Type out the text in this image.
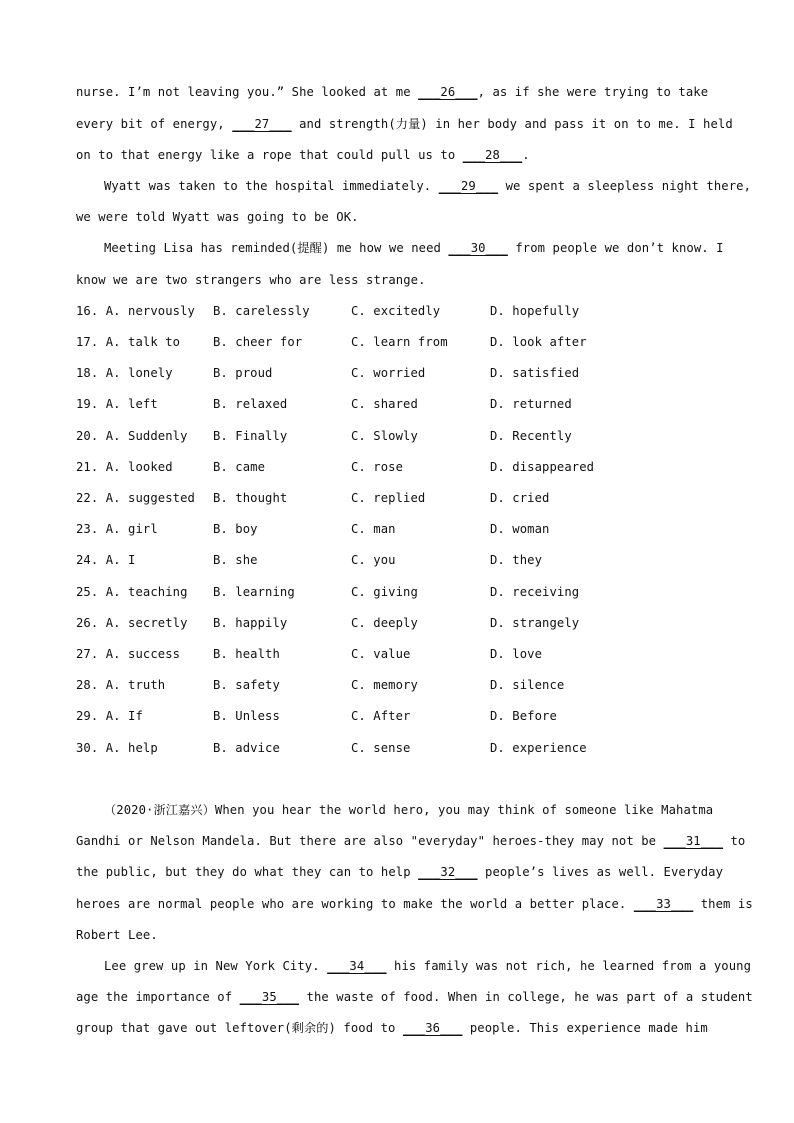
nurse. I’m not leaving you.” She looked at me ___26___, as if she were trying to take
every bit of energy, ___27___ and strength(力量) in her body and pass it on to me. I held
on to that energy like a rope that could pull us to ___28___.
Wyatt was taken to the hospital immediately. ___29___ we spent a sleepless night there,
we were told Wyatt was going to be OK.
Meeting Lisa has reminded(提醒) me how we need ___30___ from people we don’t know. I
know we are two strangers who are less strange.
16. A. nervously B. carelessly	C. excitedly	D. hopefully
17. A. talk to	B. cheer for	C. learn from	D. look after
18. A. lonely	B. proud	C. worried	D. satisfied
19. A. left	B. relaxed	C. shared	D. returned
20. A. Suddenly B. Finally	C. Slowly	D. Recently
21. A. looked	B. came	C. rose	D. disappeared
22. A. suggested B. thought	C. replied	D. cried
23. A. girl	B. boy	C. man	D. woman
24. A. I	B. she	C. you	D. they
25. A. teaching B. learning	C. giving	D. receiving
26. A. secretly B. happily	C. deeply	D. strangely
27. A. success	B. health	C. value	D. love
28. A. truth	B. safety	C. memory	D. silence
29. A. If	B. Unless	C. After	D. Before
30. A. help	B. advice	C. sense	D. experience
（2020·浙江嘉兴）When you hear the world hero, you may think of someone like Mahatma
Gandhi or Nelson Mandela. But there are also "everyday" heroes-they may not be ___31___ to
the public, but they do what they can to help ___32___ people’s lives as well. Everyday
heroes are normal people who are working to make the world a better place. ___33___ them is
Robert Lee.
Lee grew up in New York City. ___34___ his family was not rich, he learned from a young
age the importance of ___35___ the waste of food. When in college, he was part of a student
group that gave out leftover(剩余的) food to ___36___ people. This experience made him
